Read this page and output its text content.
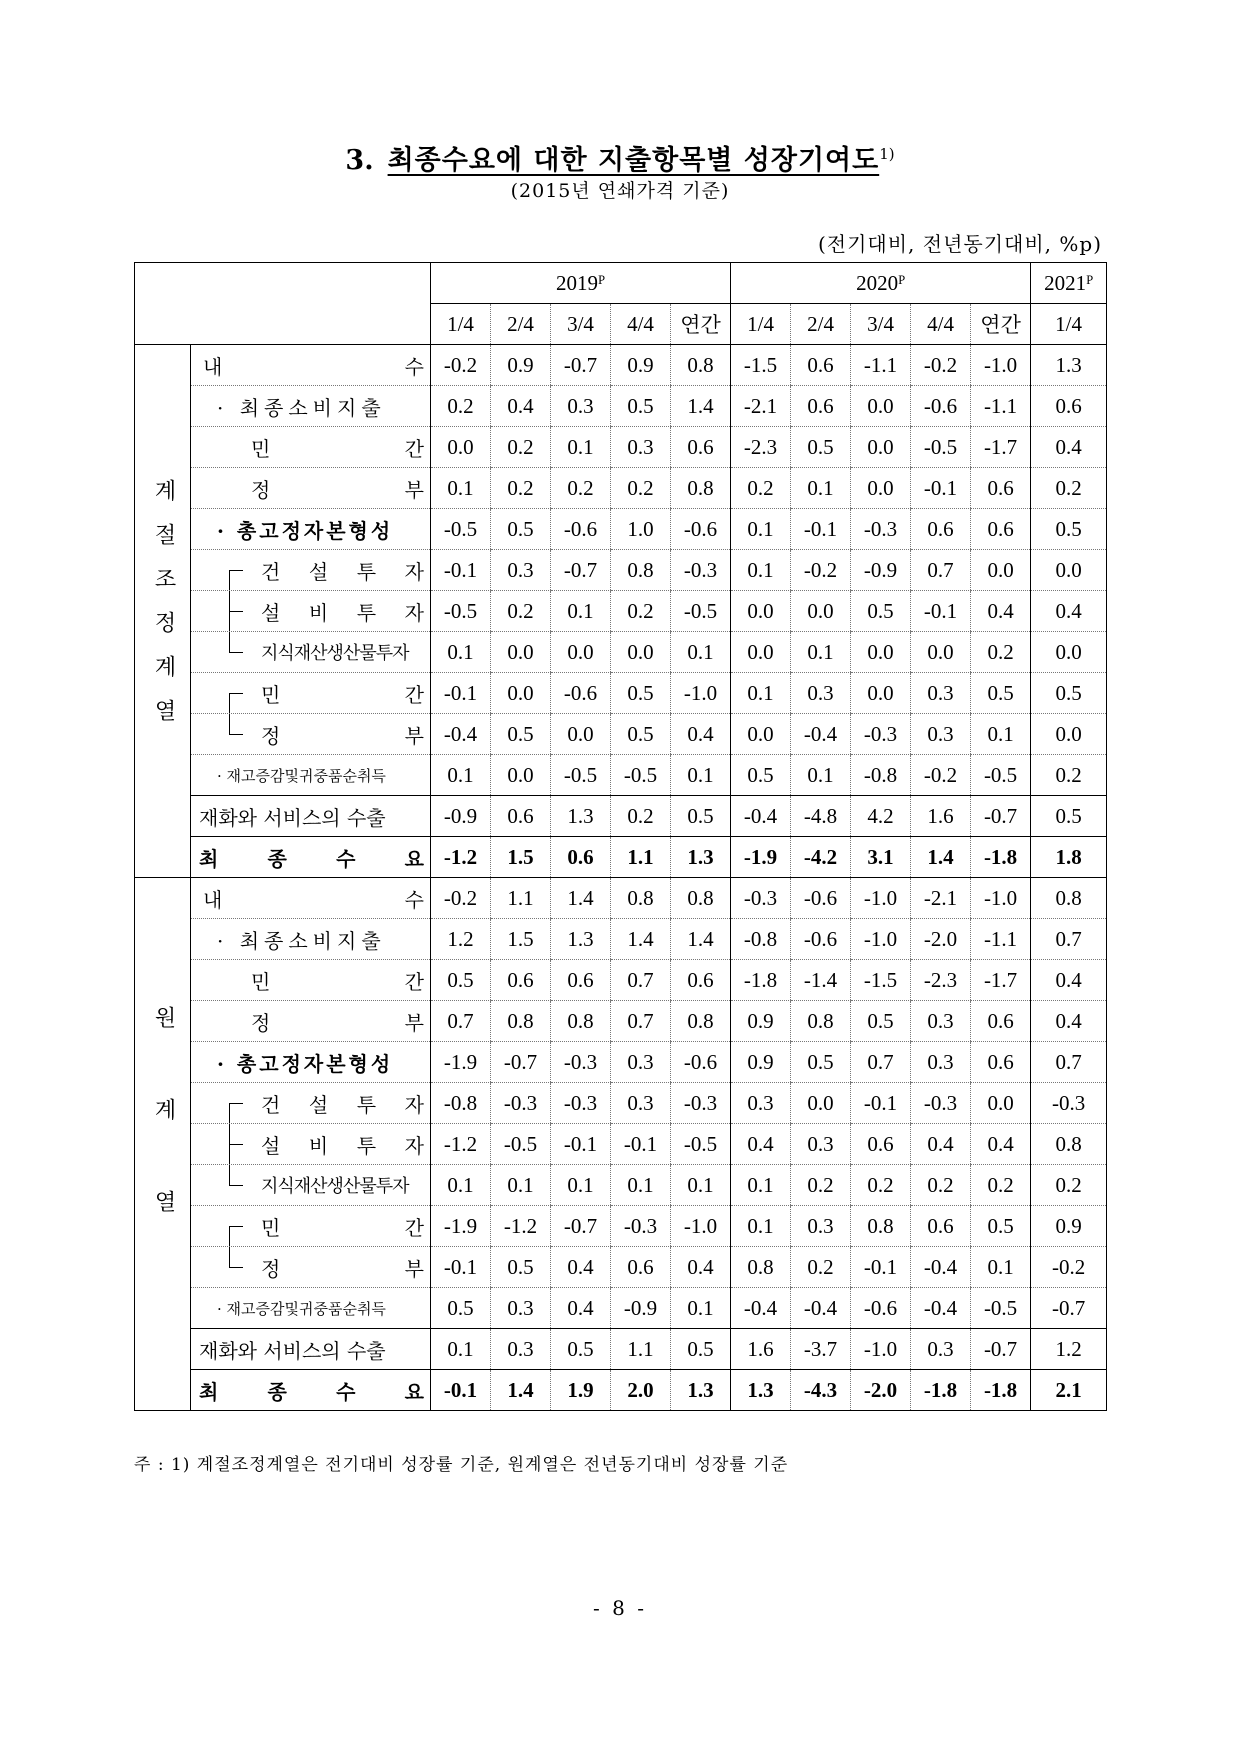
3. 최종수요에 대한 지출항목별 성장기여도$^{1)}$
(2015년 연쇄가격 기준)
(전기대비, 전년동기대비, %p)
		2019ᴾ					2020ᴾ					2021ᴾ
		1/4	2/4	3/4	4/4	연간	1/4	2/4	3/4	4/4	연간	1/4

계절조정계열	내 수	-0.2	0.9	-0.7	0.9	0.8	-1.5	0.6	-1.1	-0.2	-1.0	1.3

	· 최종소비지출	0.2	0.4	0.3	0.5	1.4	-2.1	0.6	0.0	-0.6	-1.1	0.6

	민 간	0.0	0.2	0.1	0.3	0.6	-2.3	0.5	0.0	-0.5	-1.7	0.4

	정 부	0.1	0.2	0.2	0.2	0.8	0.2	0.1	0.0	-0.1	0.6	0.2

	· 총고정자본형성	-0.5	0.5	-0.6	1.0	-0.6	0.1	-0.1	-0.3	0.6	0.6	0.5

	건 설 투 자	-0.1	0.3	-0.7	0.8	-0.3	0.1	-0.2	-0.9	0.7	0.0	0.0

	설 비 투 자	-0.5	0.2	0.1	0.2	-0.5	0.0	0.0	0.5	-0.1	0.4	0.4

	지식재산생산물투자	0.1	0.0	0.0	0.0	0.1	0.0	0.1	0.0	0.0	0.2	0.0

	민 간	-0.1	0.0	-0.6	0.5	-1.0	0.1	0.3	0.0	0.3	0.5	0.5

	정 부	-0.4	0.5	0.0	0.5	0.4	0.0	-0.4	-0.3	0.3	0.1	0.0

	· 재고증감및귀중품순취득	0.1	0.0	-0.5	-0.5	0.1	0.5	0.1	-0.8	-0.2	-0.5	0.2

	재화와 서비스의 수출	-0.9	0.6	1.3	0.2	0.5	-0.4	-4.8	4.2	1.6	-0.7	0.5

	최 종 수 요	-1.2	1.5	0.6	1.1	1.3	-1.9	-4.2	3.1	1.4	-1.8	1.8

원계열	내 수	-0.2	1.1	1.4	0.8	0.8	-0.3	-0.6	-1.0	-2.1	-1.0	0.8

	· 최종소비지출	1.2	1.5	1.3	1.4	1.4	-0.8	-0.6	-1.0	-2.0	-1.1	0.7

	민 간	0.5	0.6	0.6	0.7	0.6	-1.8	-1.4	-1.5	-2.3	-1.7	0.4

	정 부	0.7	0.8	0.8	0.7	0.8	0.9	0.8	0.5	0.3	0.6	0.4

	· 총고정자본형성	-1.9	-0.7	-0.3	0.3	-0.6	0.9	0.5	0.7	0.3	0.6	0.7

	건 설 투 자	-0.8	-0.3	-0.3	0.3	-0.3	0.3	0.0	-0.1	-0.3	0.0	-0.3

	설 비 투 자	-1.2	-0.5	-0.1	-0.1	-0.5	0.4	0.3	0.6	0.4	0.4	0.8

	지식재산생산물투자	0.1	0.1	0.1	0.1	0.1	0.1	0.2	0.2	0.2	0.2	0.2

	민 간	-1.9	-1.2	-0.7	-0.3	-1.0	0.1	0.3	0.8	0.6	0.5	0.9

	정 부	-0.1	0.5	0.4	0.6	0.4	0.8	0.2	-0.1	-0.4	0.1	-0.2

	· 재고증감및귀중품순취득	0.5	0.3	0.4	-0.9	0.1	-0.4	-0.4	-0.6	-0.4	-0.5	-0.7

	재화와 서비스의 수출	0.1	0.3	0.5	1.1	0.5	1.6	-3.7	-1.0	0.3	-0.7	1.2

	최 종 수 요	-0.1	1.4	1.9	2.0	1.3	1.3	-4.3	-2.0	-1.8	-1.8	2.1
주 : 1) 계절조정계열은 전기대비 성장률 기준, 원계열은 전년동기대비 성장률 기준
- 8 -
